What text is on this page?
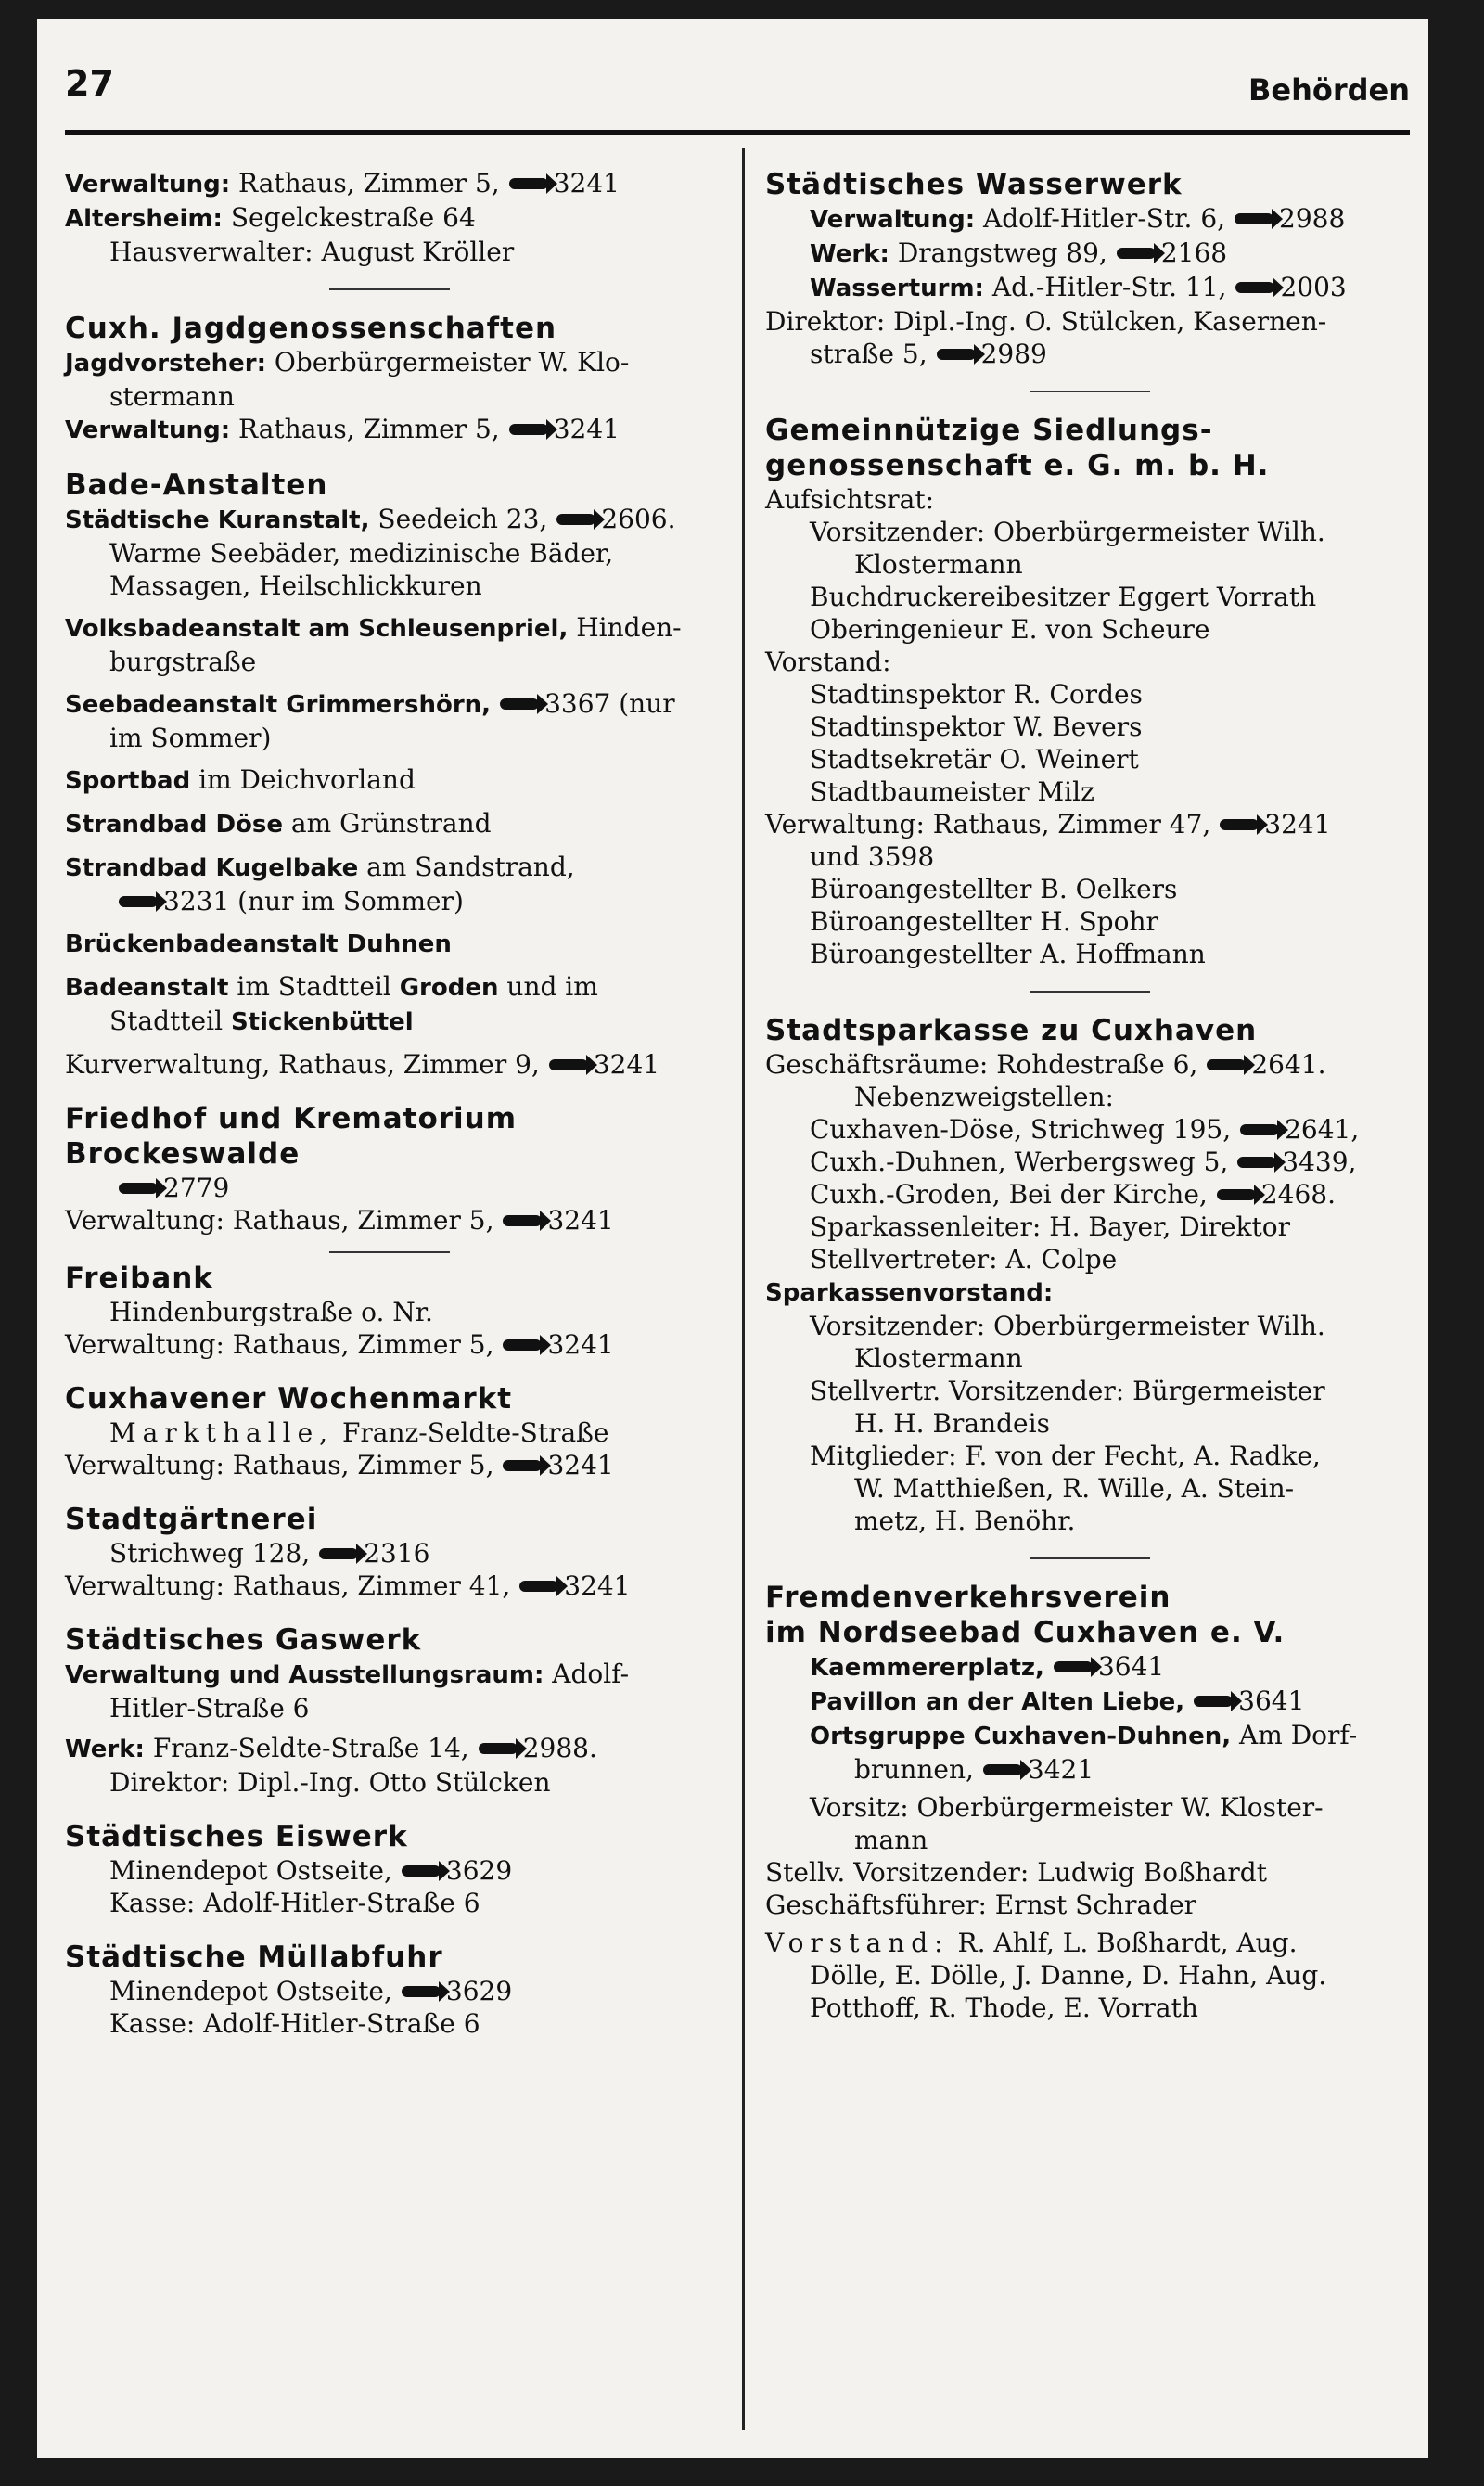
27	Behörden
Verwaltung: Rathaus, Zimmer 5, 3241
Altersheim: Segelckestraße 64
Hausverwalter: August Kröller
Cuxh. Jagdgenossenschaften
Jagdvorsteher: Oberbürgermeister W. Klo-
stermann
Verwaltung: Rathaus, Zimmer 5, 3241
Bade-Anstalten
Städtische Kuranstalt, Seedeich 23, 2606.
Warme Seebäder, medizinische Bäder,
Massagen, Heilschlickkuren
Volksbadeanstalt am Schleusenpriel, Hinden-
burgstraße
Seebadeanstalt Grimmershörn, 3367 (nur
im Sommer)
Sportbad im Deichvorland
Strandbad Döse am Grünstrand
Strandbad Kugelbake am Sandstrand,
3231 (nur im Sommer)
Brückenbadeanstalt Duhnen
Badeanstalt im Stadtteil Groden und im
Stadtteil Stickenbüttel
Kurverwaltung, Rathaus, Zimmer 9, 3241
Friedhof und Krematorium
Brockeswalde
2779
Verwaltung: Rathaus, Zimmer 5, 3241
Freibank
Hindenburgstraße o. Nr.
Verwaltung: Rathaus, Zimmer 5, 3241
Cuxhavener Wochenmarkt
Markthalle, Franz-Seldte-Straße
Verwaltung: Rathaus, Zimmer 5, 3241
Stadtgärtnerei
Strichweg 128, 2316
Verwaltung: Rathaus, Zimmer 41, 3241
Städtisches Gaswerk
Verwaltung und Ausstellungsraum: Adolf-
Hitler-Straße 6
Werk: Franz-Seldte-Straße 14, 2988.
Direktor: Dipl.-Ing. Otto Stülcken
Städtisches Eiswerk
Minendepot Ostseite, 3629
Kasse: Adolf-Hitler-Straße 6
Städtische Müllabfuhr
Minendepot Ostseite, 3629
Kasse: Adolf-Hitler-Straße 6
Städtisches Wasserwerk
Verwaltung: Adolf-Hitler-Str. 6, 2988
Werk: Drangstweg 89, 2168
Wasserturm: Ad.-Hitler-Str. 11, 2003
Direktor: Dipl.-Ing. O. Stülcken, Kasernen-
straße 5, 2989
Gemeinnützige Siedlungs-
genossenschaft e. G. m. b. H.
Aufsichtsrat:
Vorsitzender: Oberbürgermeister Wilh.
Klostermann
Buchdruckereibesitzer Eggert Vorrath
Oberingenieur E. von Scheure
Vorstand:
Stadtinspektor R. Cordes
Stadtinspektor W. Bevers
Stadtsekretär O. Weinert
Stadtbaumeister Milz
Verwaltung: Rathaus, Zimmer 47, 3241
und 3598
Büroangestellter B. Oelkers
Büroangestellter H. Spohr
Büroangestellter A. Hoffmann
Stadtsparkasse zu Cuxhaven
Geschäftsräume: Rohdestraße 6, 2641.
Nebenzweigstellen:
Cuxhaven-Döse, Strichweg 195, 2641,
Cuxh.-Duhnen, Werbergsweg 5, 3439,
Cuxh.-Groden, Bei der Kirche, 2468.
Sparkassenleiter: H. Bayer, Direktor
Stellvertreter: A. Colpe
Sparkassenvorstand:
Vorsitzender: Oberbürgermeister Wilh.
Klostermann
Stellvertr. Vorsitzender: Bürgermeister
H. H. Brandeis
Mitglieder: F. von der Fecht, A. Radke,
W. Matthießen, R. Wille, A. Stein-
metz, H. Benöhr.
Fremdenverkehrsverein
im Nordseebad Cuxhaven e. V.
Kaemmererplatz, 3641
Pavillon an der Alten Liebe, 3641
Ortsgruppe Cuxhaven-Duhnen, Am Dorf-
brunnen, 3421
Vorsitz: Oberbürgermeister W. Kloster-
mann
Stellv. Vorsitzender: Ludwig Boßhardt
Geschäftsführer: Ernst Schrader
Vorstand: R. Ahlf, L. Boßhardt, Aug.
Dölle, E. Dölle, J. Danne, D. Hahn, Aug.
Potthoff, R. Thode, E. Vorrath
